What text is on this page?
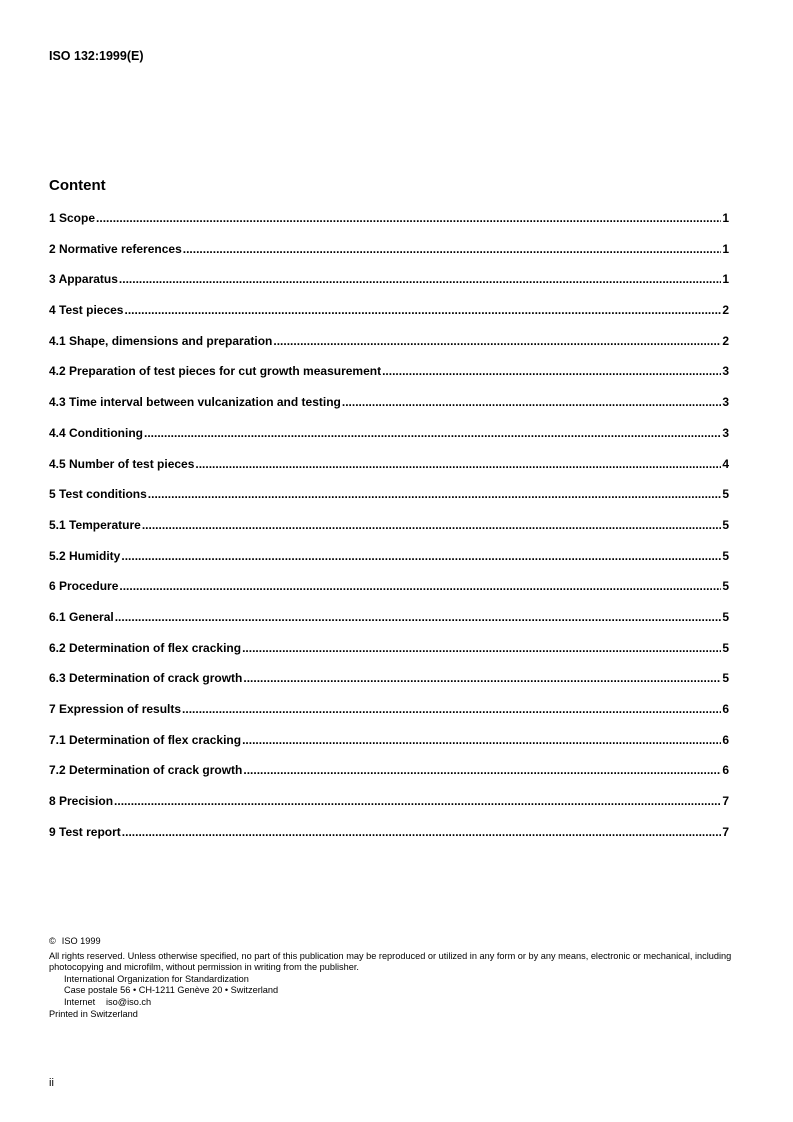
ISO 132:1999(E)

Content
1 Scope .....	1
2 Normative references .....	1
3 Apparatus .....	1
4 Test pieces .....	2
4.1 Shape, dimensions and preparation .....	2
4.2 Preparation of test pieces for cut growth measurement .....	3
4.3 Time interval between vulcanization and testing .....	3
4.4 Conditioning .....	3
4.5 Number of test pieces .....	4
5 Test conditions .....	5
5.1 Temperature .....	5
5.2 Humidity .....	5
6 Procedure .....	5
6.1 General .....	5
6.2 Determination of flex cracking .....	5
6.3 Determination of crack growth .....	5
7 Expression of results .....	6
7.1 Determination of flex cracking .....	6
7.2 Determination of crack growth .....	6
8 Precision .....	7
9 Test report .....	7

© ISO 1999

All rights reserved. Unless otherwise specified, no part of this publication may be reproduced or utilized in any form or by any means, electronic or mechanical, including photocopying and microfilm, without permission in writing from the publisher.

International Organization for Standardization

Case postale 56 • CH-1211 Genève 20 • Switzerland

Internet iso@iso.ch

Printed in Switzerland

ii
